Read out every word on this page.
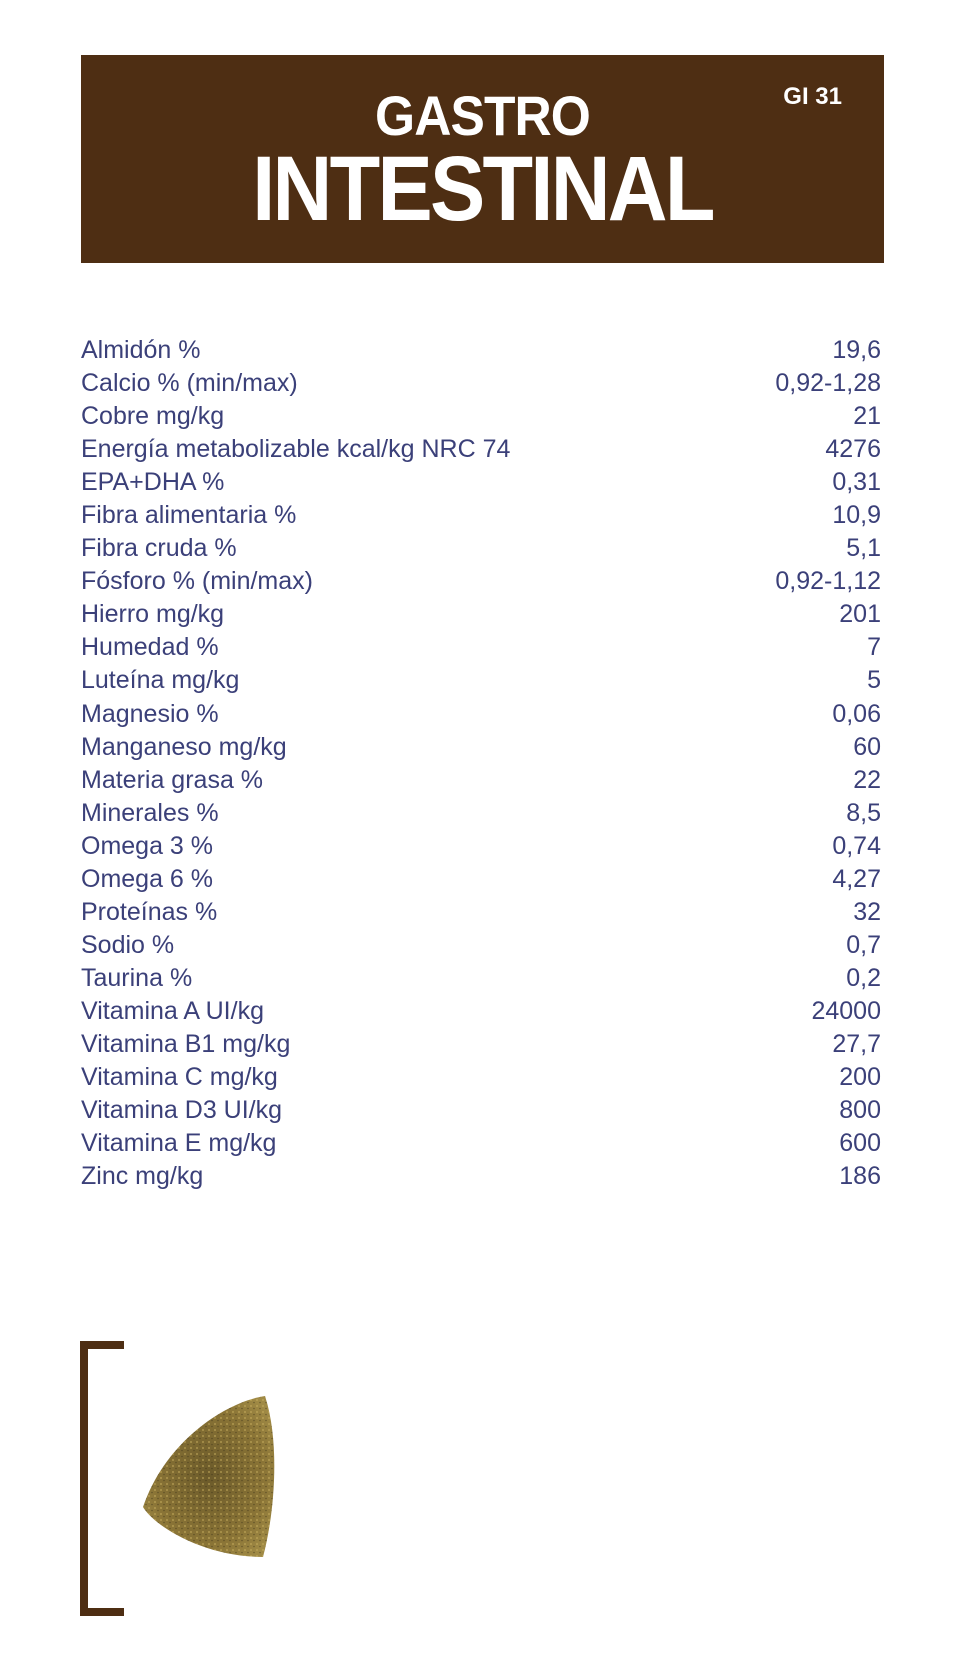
GASTRO
INTESTINAL
GI 31
Almidón %	19,6
Calcio % (min/max)	0,92-1,28
Cobre mg/kg	21
Energía metabolizable kcal/kg NRC 74	4276
EPA+DHA %	0,31
Fibra alimentaria %	10,9
Fibra cruda %	5,1
Fósforo % (min/max)	0,92-1,12
Hierro mg/kg	201
Humedad %	7
Luteína mg/kg	5
Magnesio %	0,06
Manganeso mg/kg	60
Materia grasa %	22
Minerales %	8,5
Omega 3 %	0,74
Omega 6 %	4,27
Proteínas %	32
Sodio %	0,7
Taurina %	0,2
Vitamina A UI/kg	24000
Vitamina B1 mg/kg	27,7
Vitamina C mg/kg	200
Vitamina D3 UI/kg	800
Vitamina E mg/kg	600
Zinc mg/kg	186
